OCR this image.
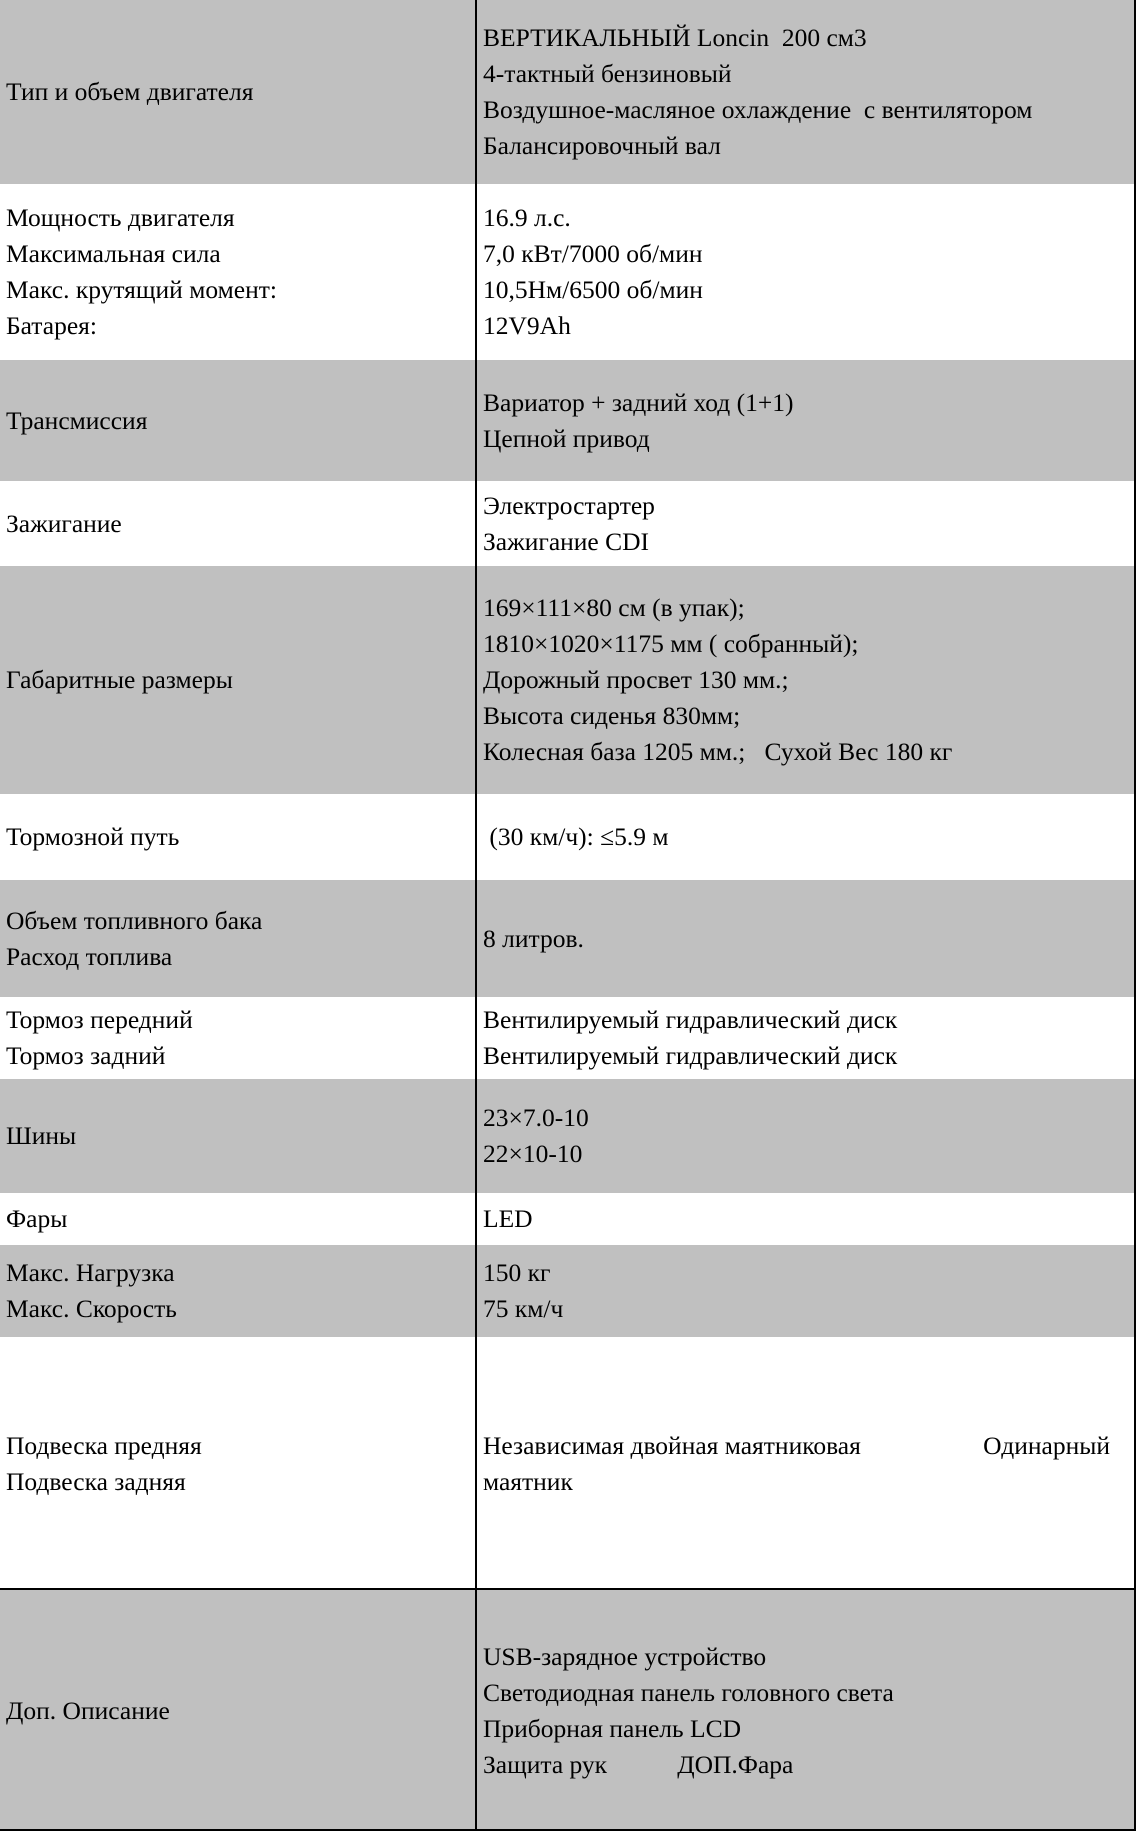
Тип и объем двигателя	ВЕРТИКАЛЬНЫЙ Loncin  200 см3
4-тактный бензиновый
Воздушное-масляное охлаждение  с вентилятором
Балансировочный вал

Мощность двигателя
Максимальная сила
Макс. крутящий момент:
Батарея:	16.9 л.с.
7,0 кВт/7000 об/мин
10,5Нм/6500 об/мин
12V9Ah

Трансмиссия	Вариатор + задний ход (1+1)
Цепной привод

Зажигание	Электростартер
Зажигание CDI

Габаритные размеры	169×111×80 см (в упак);
1810×1020×1175 мм ( собранный);
Дорожный просвет 130 мм.;
Высота сиденья 830мм;
Колесная база 1205 мм.;   Сухой Вес 180 кг

Тормозной путь	(30 км/ч): ≤5.9 м

Объем топливного бака
Расход топлива	8 литров.

Тормоз передний
Тормоз задний	Вентилируемый гидравлический диск
Вентилируемый гидравлический диск

Шины	23×7.0-10
22×10-10

Фары	LED

Макс. Нагрузка
Макс. Скорость	150 кг
75 км/ч

Подвеска предняя
Подвеска задняя	Независимая двойная маятниковая Одинарный
маятник

Доп. Описание	USB-зарядное устройство
Светодиодная панель головного света
Приборная панель LCD
Защита рук           ДОП.Фара
